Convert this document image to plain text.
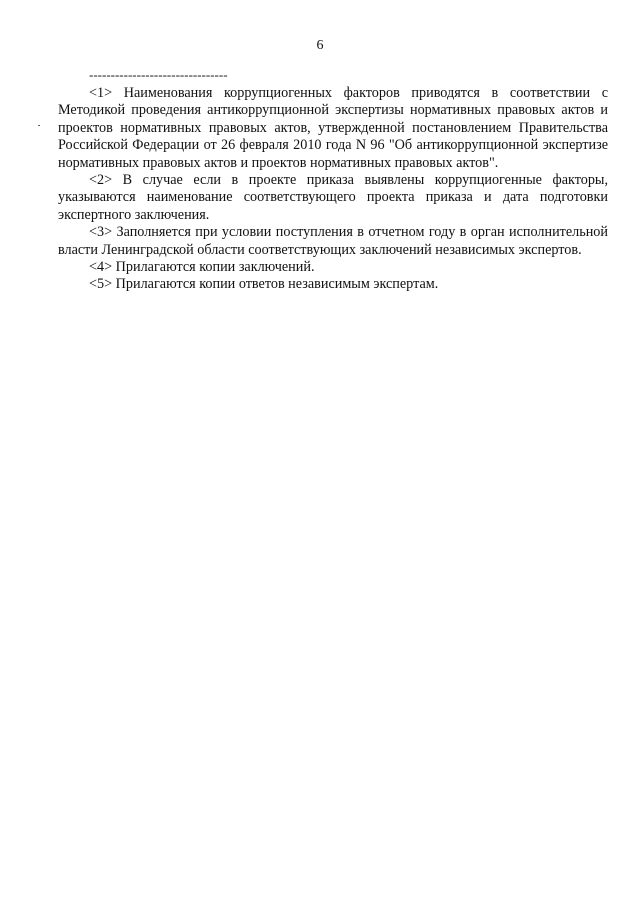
6
--------------------------------

<1> Наименования коррупциогенных факторов приводятся в соответствии с Методикой проведения антикоррупционной экспертизы нормативных правовых актов и проектов нормативных правовых актов, утвержденной постановлением Правительства Российской Федерации от 26 февраля 2010 года N 96 "Об антикоррупционной экспертизе нормативных правовых актов и проектов нормативных правовых актов".

<2> В случае если в проекте приказа выявлены коррупциогенные факторы, указываются наименование соответствующего проекта приказа и дата подготовки экспертного заключения.

<3> Заполняется при условии поступления в отчетном году в орган исполнительной власти Ленинградской области соответствующих заключений независимых экспертов.

<4> Прилагаются копии заключений.

<5> Прилагаются копии ответов независимым экспертам.
